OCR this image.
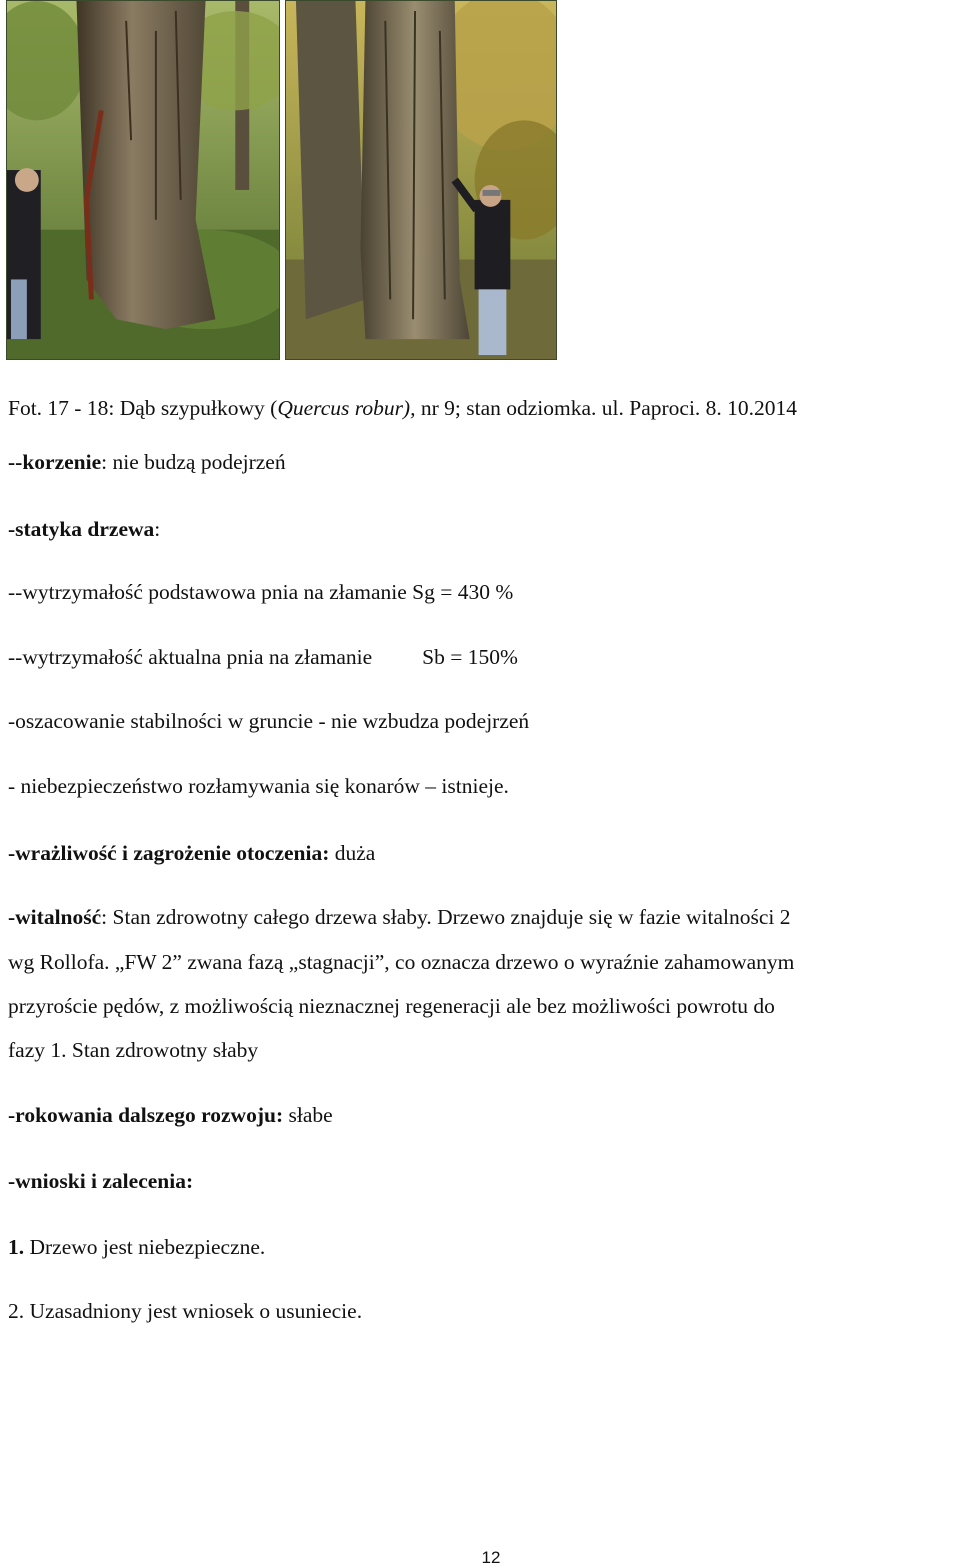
Fot. 17 - 18: Dąb szypułkowy (Quercus robur), nr 9; stan odziomka. ul. Paproci. 8. 10.2014
--korzenie: nie budzą podejrzeń
-statyka drzewa:
--wytrzymałość podstawowa pnia na złamanie Sg = 430 %
--wytrzymałość aktualna pnia na złamanie Sb = 150%
-oszacowanie stabilności w gruncie - nie wzbudza podejrzeń
- niebezpieczeństwo rozłamywania się konarów – istnieje.
-wrażliwość i zagrożenie otoczenia: duża
-witalność: Stan zdrowotny całego drzewa słaby. Drzewo znajduje się w fazie witalności 2
wg Rollofa. „FW 2” zwana fazą „stagnacji”, co oznacza drzewo o wyraźnie zahamowanym
przyroście pędów, z możliwością nieznacznej regeneracji ale bez możliwości powrotu do
fazy 1. Stan zdrowotny słaby
-rokowania dalszego rozwoju: słabe
-wnioski i zalecenia:
1. Drzewo jest niebezpieczne.
2. Uzasadniony jest wniosek o usuniecie.
12
